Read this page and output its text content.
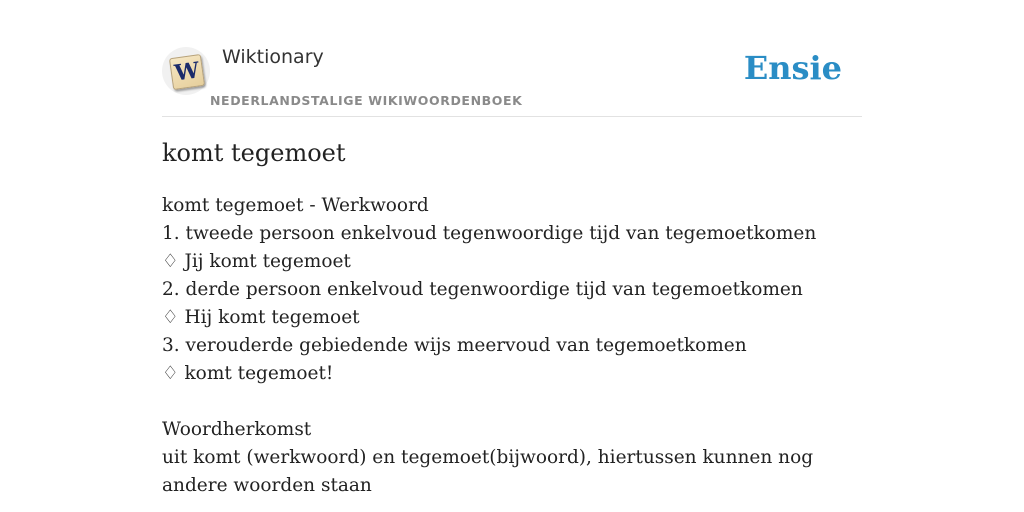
W
Wiktionary
NEDERLANDSTALIGE WIKIWOORDENBOEK
Ensie
komt tegemoet
komt tegemoet - Werkwoord
1. tweede persoon enkelvoud tegenwoordige tijd van tegemoetkomen
♢ Jij komt tegemoet
2. derde persoon enkelvoud tegenwoordige tijd van tegemoetkomen
♢ Hij komt tegemoet
3. verouderde gebiedende wijs meervoud van tegemoetkomen
♢ komt tegemoet!
Woordherkomst
uit komt (werkwoord) en tegemoet(bijwoord), hiertussen kunnen nog andere woorden staan
